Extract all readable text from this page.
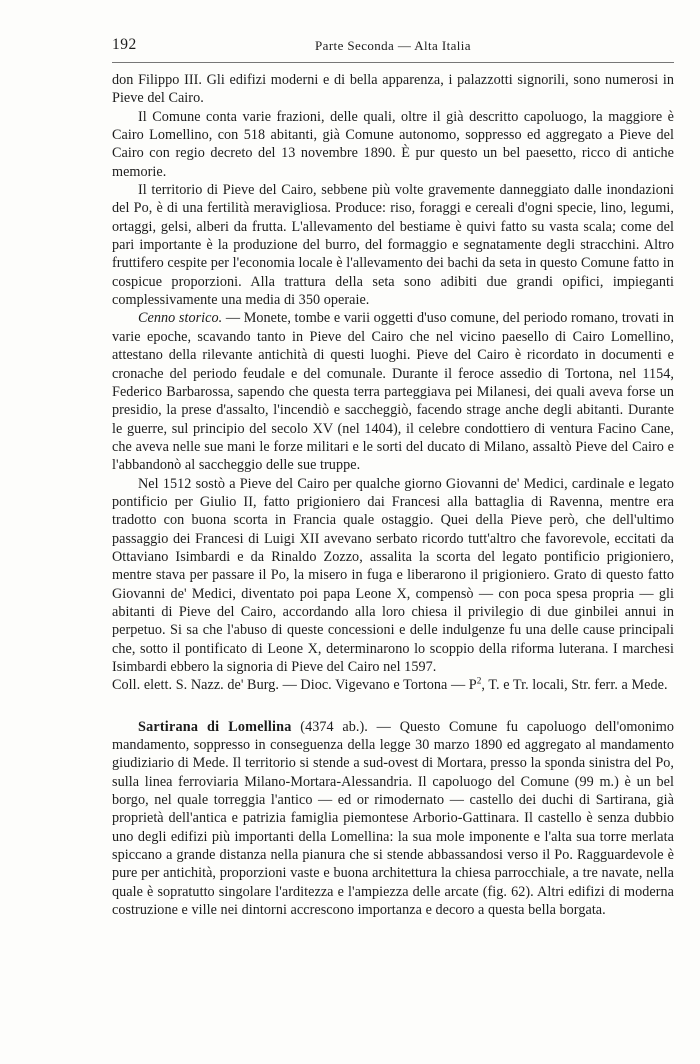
192	Parte Seconda — Alta Italia

don Filippo III. Gli edifizi moderni e di bella apparenza, i palazzotti signorili, sono numerosi in Pieve del Cairo.

Il Comune conta varie frazioni, delle quali, oltre il già descritto capoluogo, la maggiore è Cairo Lomellino, con 518 abitanti, già Comune autonomo, soppresso ed aggregato a Pieve del Cairo con regio decreto del 13 novembre 1890. È pur questo un bel paesetto, ricco di antiche memorie.

Il territorio di Pieve del Cairo, sebbene più volte gravemente danneggiato dalle inondazioni del Po, è di una fertilità meravigliosa. Produce: riso, foraggi e cereali d'ogni specie, lino, legumi, ortaggi, gelsi, alberi da frutta. L'allevamento del bestiame è quivi fatto su vasta scala; come del pari importante è la produzione del burro, del formaggio e segnatamente degli stracchini. Altro fruttifero cespite per l'economia locale è l'allevamento dei bachi da seta in questo Comune fatto in cospicue proporzioni. Alla trattura della seta sono adibiti due grandi opifici, impieganti complessivamente una media di 350 operaie.

Cenno storico. — Monete, tombe e varii oggetti d'uso comune, del periodo romano, trovati in varie epoche, scavando tanto in Pieve del Cairo che nel vicino paesello di Cairo Lomellino, attestano della rilevante antichità di questi luoghi. Pieve del Cairo è ricordato in documenti e cronache del periodo feudale e del comunale. Durante il feroce assedio di Tortona, nel 1154, Federico Barbarossa, sapendo che questa terra parteggiava pei Milanesi, dei quali aveva forse un presidio, la prese d'assalto, l'incendiò e saccheggiò, facendo strage anche degli abitanti. Durante le guerre, sul principio del secolo XV (nel 1404), il celebre condottiero di ventura Facino Cane, che aveva nelle sue mani le forze militari e le sorti del ducato di Milano, assaltò Pieve del Cairo e l'abbandonò al saccheggio delle sue truppe.

Nel 1512 sostò a Pieve del Cairo per qualche giorno Giovanni de' Medici, cardinale e legato pontificio per Giulio II, fatto prigioniero dai Francesi alla battaglia di Ravenna, mentre era tradotto con buona scorta in Francia quale ostaggio. Quei della Pieve però, che dell'ultimo passaggio dei Francesi di Luigi XII avevano serbato ricordo tutt'altro che favorevole, eccitati da Ottaviano Isimbardi e da Rinaldo Zozzo, assalita la scorta del legato pontificio prigioniero, mentre stava per passare il Po, la misero in fuga e liberarono il prigioniero. Grato di questo fatto Giovanni de' Medici, diventato poi papa Leone X, compensò — con poca spesa propria — gli abitanti di Pieve del Cairo, accordando alla loro chiesa il privilegio di due ginbilei annui in perpetuo. Si sa che l'abuso di queste concessioni e delle indulgenze fu una delle cause principali che, sotto il pontificato di Leone X, determinarono lo scoppio della riforma luterana. I marchesi Isimbardi ebbero la signoria di Pieve del Cairo nel 1597.

Coll. elett. S. Nazz. de' Burg. — Dioc. Vigevano e Tortona — $P^2$, T. e Tr. locali, Str. ferr. a Mede.

Sartirana di Lomellina (4374 ab.). — Questo Comune fu capoluogo dell'omonimo mandamento, soppresso in conseguenza della legge 30 marzo 1890 ed aggregato al mandamento giudiziario di Mede. Il territorio si stende a sud-ovest di Mortara, presso la sponda sinistra del Po, sulla linea ferroviaria Milano-Mortara-Alessandria. Il capoluogo del Comune (99 m.) è un bel borgo, nel quale torreggia l'antico — ed or rimodernato — castello dei duchi di Sartirana, già proprietà dell'antica e patrizia famiglia piemontese Arborio-Gattinara. Il castello è senza dubbio uno degli edifizi più importanti della Lomellina: la sua mole imponente e l'alta sua torre merlata spiccano a grande distanza nella pianura che si stende abbassandosi verso il Po. Ragguardevole è pure per antichità, proporzioni vaste e buona architettura la chiesa parrocchiale, a tre navate, nella quale è sopratutto singolare l'arditezza e l'ampiezza delle arcate (fig. 62). Altri edifizi di moderna costruzione e ville nei dintorni accrescono importanza e decoro a questa bella borgata.
